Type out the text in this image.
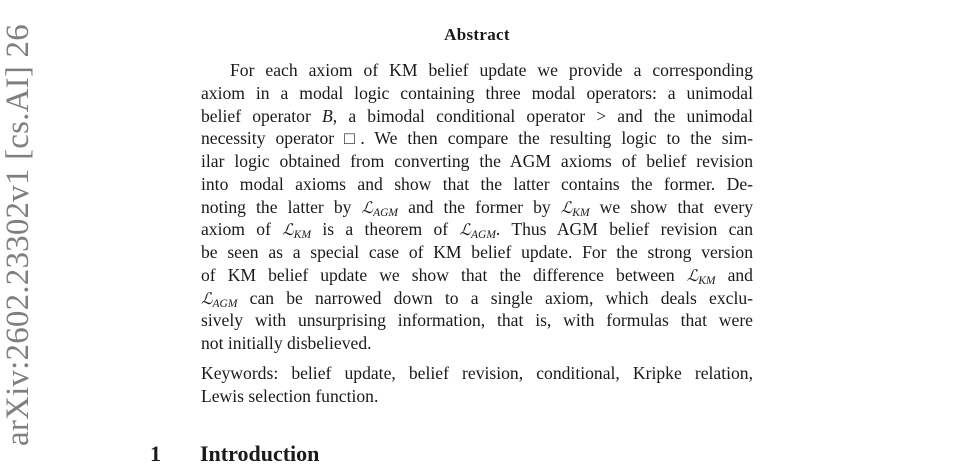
arXiv:2602.23302v1 [cs.AI] 26	Abstract
For each axiom of KM belief update we provide a corresponding
axiom in a modal logic containing three modal operators: a unimodal
belief operator B, a bimodal conditional operator > and the unimodal
necessity operator □. We then compare the resulting logic to the sim-
ilar logic obtained from converting the AGM axioms of belief revision
into modal axioms and show that the latter contains the former. De-
noting the latter by ℒ$_{AGM}$ and the former by ℒ$_{KM}$ we show that every
axiom of ℒ$_{KM}$ is a theorem of ℒ$_{AGM}$. Thus AGM belief revision can
be seen as a special case of KM belief update. For the strong version
of KM belief update we show that the difference between ℒ$_{KM}$ and
ℒ$_{AGM}$ can be narrowed down to a single axiom, which deals exclu-
sively with unsurprising information, that is, with formulas that were
not initially disbelieved.
Keywords: belief update, belief revision, conditional, Kripke relation,
Lewis selection function.
1 Introduction
